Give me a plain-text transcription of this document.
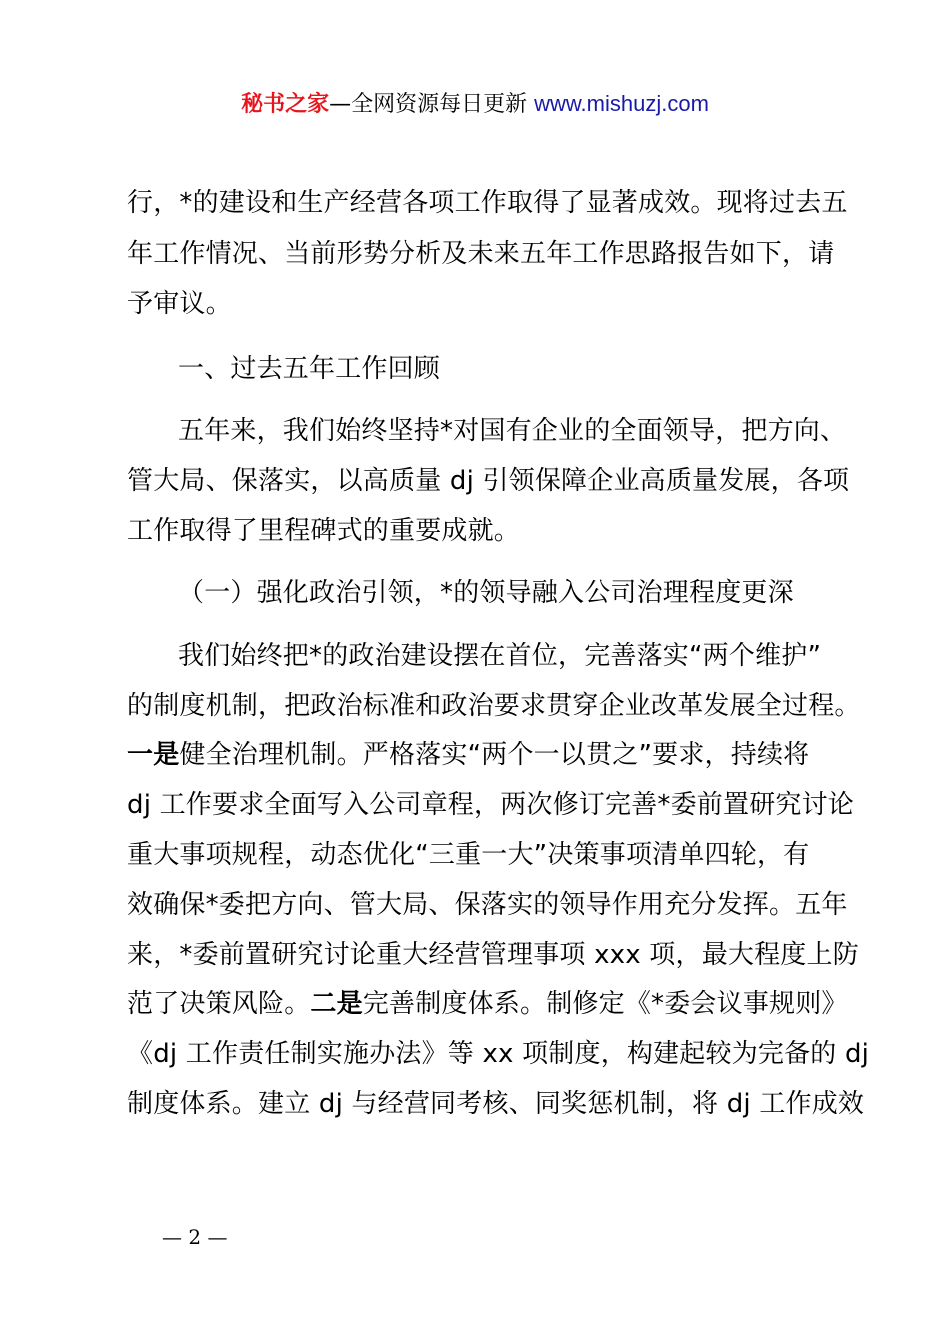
秘书之家—全网资源每日更新 www.mishuzj.com
行，*的建设和生产经营各项工作取得了显著成效。现将过去五
年工作情况、当前形势分析及未来五年工作思路报告如下，请
予审议。
一、过去五年工作回顾
五年来，我们始终坚持*对国有企业的全面领导，把方向、
管大局、保落实，以高质量 dj 引领保障企业高质量发展，各项
工作取得了里程碑式的重要成就。
（一）强化政治引领，*的领导融入公司治理程度更深
我们始终把*的政治建设摆在首位，完善落实“两个维护”
的制度机制，把政治标准和政治要求贯穿企业改革发展全过程。
一是健全治理机制。严格落实“两个一以贯之”要求，持续将
dj 工作要求全面写入公司章程，两次修订完善*委前置研究讨论
重大事项规程，动态优化“三重一大”决策事项清单四轮，有
效确保*委把方向、管大局、保落实的领导作用充分发挥。五年
来，*委前置研究讨论重大经营管理事项 xxx 项，最大程度上防
范了决策风险。二是完善制度体系。制修定《*委会议事规则》
《dj 工作责任制实施办法》等 xx 项制度，构建起较为完备的 dj
制度体系。建立 dj 与经营同考核、同奖惩机制，将 dj 工作成效
— 2 —
